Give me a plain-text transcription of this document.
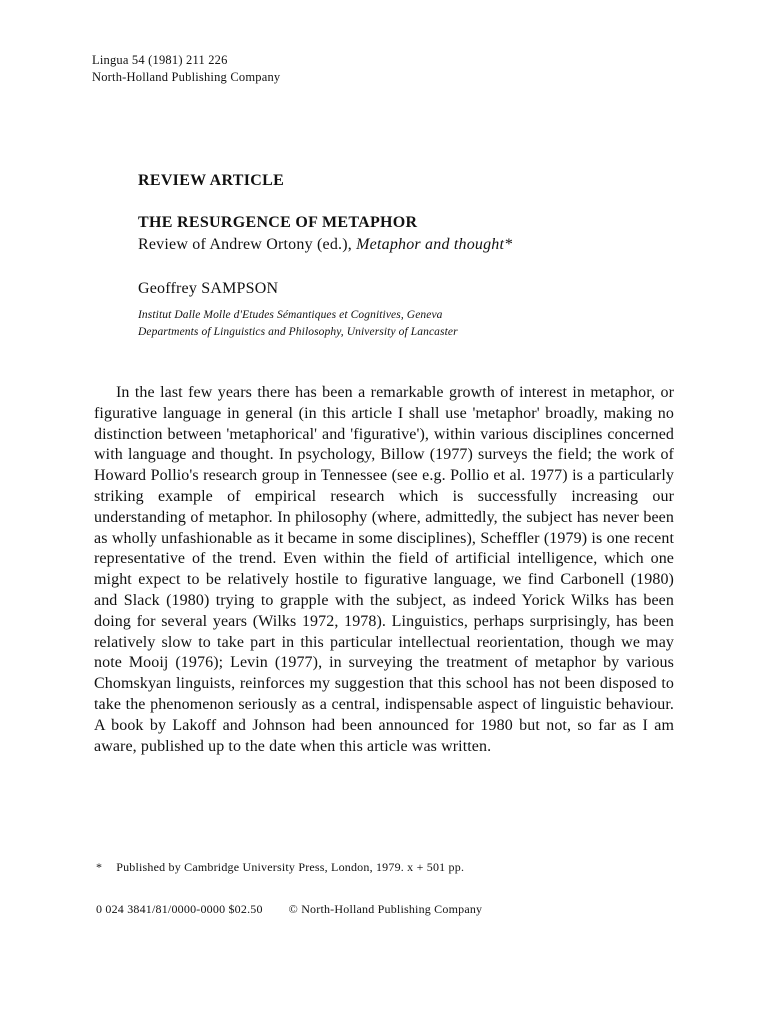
Lingua 54 (1981) 211 226
North-Holland Publishing Company
REVIEW ARTICLE
THE RESURGENCE OF METAPHOR
Review of Andrew Ortony (ed.), Metaphor and thought*
Geoffrey SAMPSON
Institut Dalle Molle d'Etudes Sémantiques et Cognitives, Geneva
Departments of Linguistics and Philosophy, University of Lancaster

In the last few years there has been a remarkable growth of interest in metaphor, or figurative language in general (in this article I shall use 'metaphor' broadly, making no distinction between 'metaphorical' and 'figurative'), within various disciplines concerned with language and thought. In psychology, Billow (1977) surveys the field; the work of Howard Pollio's research group in Tennessee (see e.g. Pollio et al. 1977) is a particularly striking example of empirical research which is successfully increasing our understanding of metaphor. In philosophy (where, admittedly, the subject has never been as wholly unfashionable as it became in some disciplines), Scheffler (1979) is one recent representative of the trend. Even within the field of artificial intelligence, which one might expect to be relatively hostile to figurative language, we find Carbonell (1980) and Slack (1980) trying to grapple with the subject, as indeed Yorick Wilks has been doing for several years (Wilks 1972, 1978). Linguistics, perhaps surprisingly, has been relatively slow to take part in this particular intellectual reorientation, though we may note Mooij (1976); Levin (1977), in surveying the treatment of metaphor by various Chomskyan linguists, reinforces my suggestion that this school has not been disposed to take the phenomenon seriously as a central, indispensable aspect of linguistic behaviour. A book by Lakoff and Johnson had been announced for 1980 but not, so far as I am aware, published up to the date when this article was written.

* Published by Cambridge University Press, London, 1979. x + 501 pp.
0 024 3841/81/0000-0000 $02.50 © North-Holland Publishing Company
